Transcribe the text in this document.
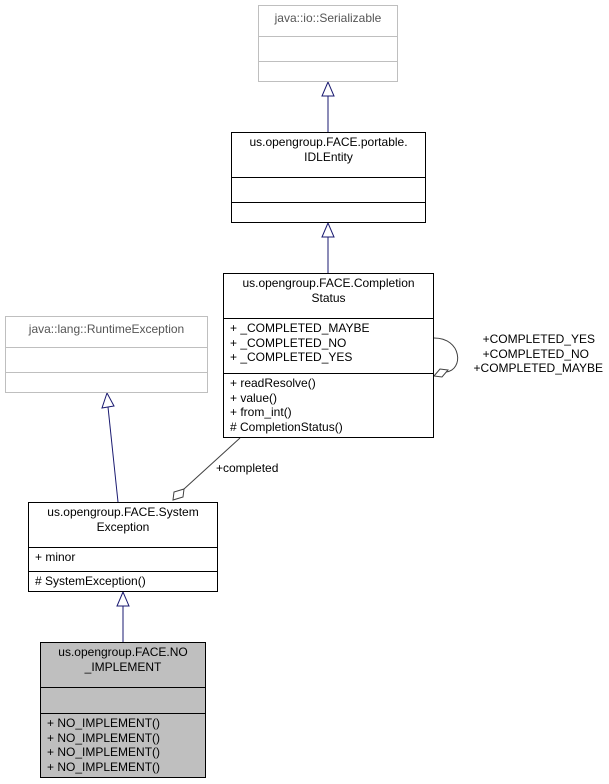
java::io::Serializable
us.opengroup.FACE.portable.
IDLEntity
us.opengroup.FACE.Completion
Status
+ _COMPLETED_MAYBE
+ _COMPLETED_NO
+ _COMPLETED_YES
+ readResolve()
+ value()
+ from_int()
# CompletionStatus()
java::lang::RuntimeException
us.opengroup.FACE.System
Exception
+ minor
# SystemException()
us.opengroup.FACE.NO
_IMPLEMENT
+ NO_IMPLEMENT()
+ NO_IMPLEMENT()
+ NO_IMPLEMENT()
+ NO_IMPLEMENT()
+COMPLETED_YES
+COMPLETED_NO
+COMPLETED_MAYBE
+completed
